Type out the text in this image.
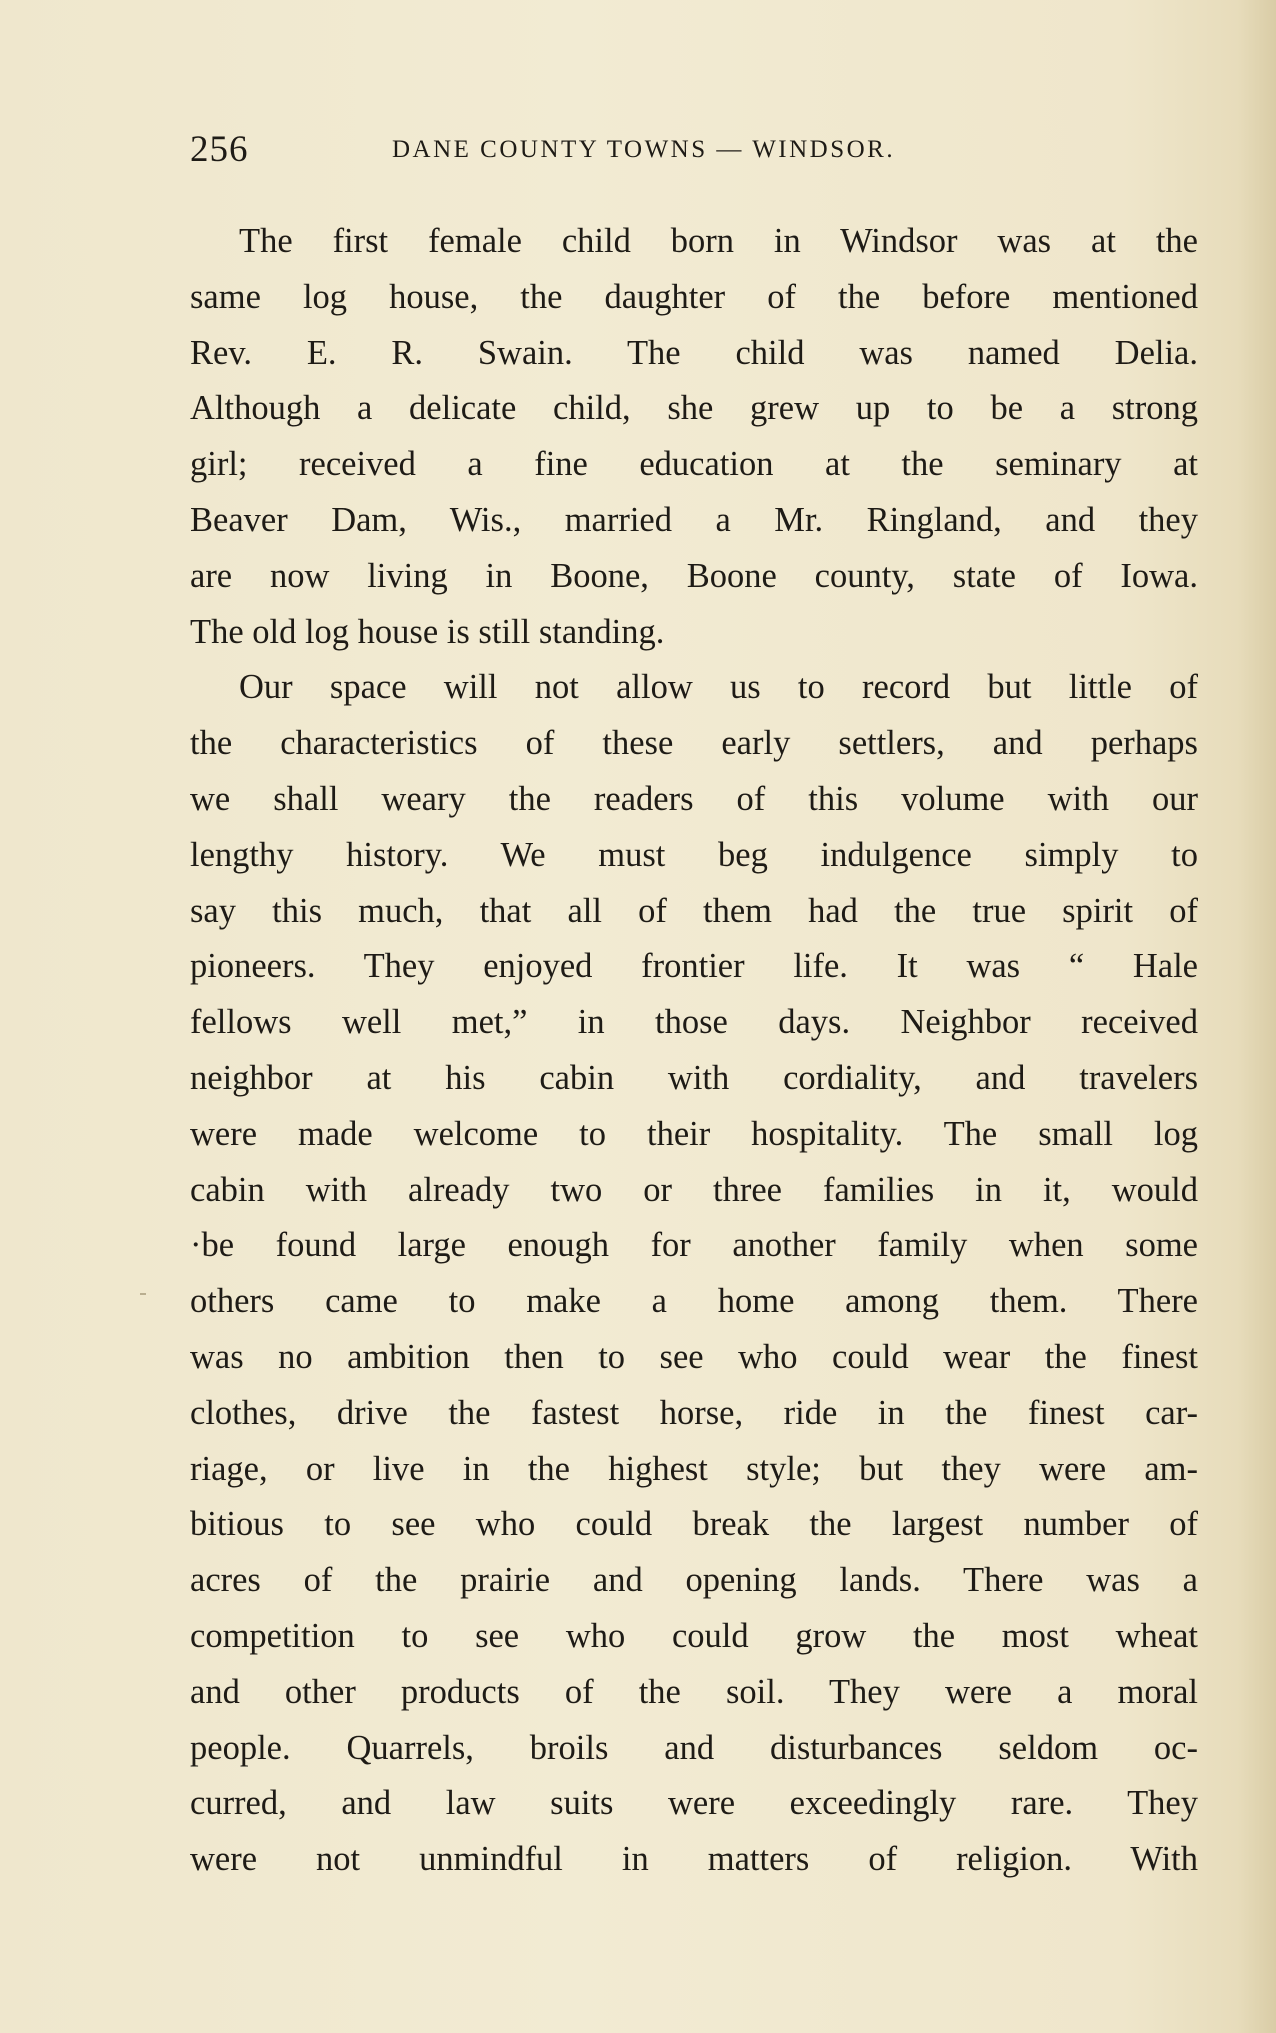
256	DANE COUNTY TOWNS — WINDSOR.
The first female child born in Windsor was at the
same log house, the daughter of the before mentioned
Rev. E. R. Swain. The child was named Delia.
Although a delicate child, she grew up to be a strong
girl; received a fine education at the seminary at
Beaver Dam, Wis., married a Mr. Ringland, and they
are now living in Boone, Boone county, state of Iowa.
The old log house is still standing.
Our space will not allow us to record but little of
the characteristics of these early settlers, and perhaps
we shall weary the readers of this volume with our
lengthy history. We must beg indulgence simply to
say this much, that all of them had the true spirit of
pioneers. They enjoyed frontier life. It was “ Hale
fellows well met,” in those days. Neighbor received
neighbor at his cabin with cordiality, and travelers
were made welcome to their hospitality. The small log
cabin with already two or three families in it, would
·be found large enough for another family when some
others came to make a home among them. There
was no ambition then to see who could wear the finest
clothes, drive the fastest horse, ride in the finest car-
riage, or live in the highest style; but they were am-
bitious to see who could break the largest number of
acres of the prairie and opening lands. There was a
competition to see who could grow the most wheat
and other products of the soil. They were a moral
people. Quarrels, broils and disturbances seldom oc-
curred, and law suits were exceedingly rare. They
were not unmindful in matters of religion. With
